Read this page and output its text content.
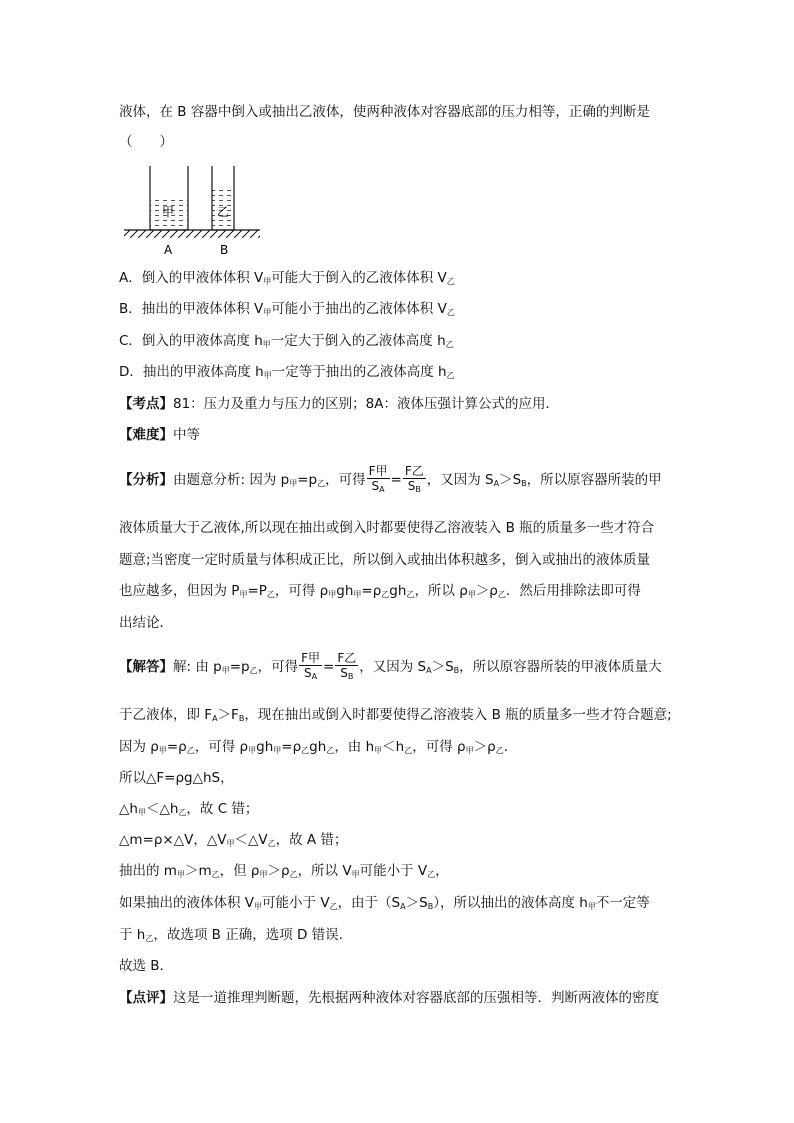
液体，在 B 容器中倒入或抽出乙液体，使两种液体对容器底部的压力相等，正确的判断是
（　　）
甲	乙
A	B
A．倒入的甲液体体积 $V_甲$可能大于倒入的乙液体体积 $V_乙$
B．抽出的甲液体体积 $V_甲$可能小于抽出的乙液体体积 $V_乙$
C．倒入的甲液体高度 $h_甲$一定大于倒入的乙液体高度 $h_乙$
D．抽出的甲液体高度 $h_甲$一定等于抽出的乙液体高度 $h_乙$
【考点】81：压力及重力与压力的区别；8A：液体压强计算公式的应用．
【难度】中等
【分析】由题意分析: 因为 $p_甲=p_乙$，可得 $\frac{\text{F甲}}{S_A} = \frac{\text{F乙}}{S_B}$ ，又因为 $S_A>S_B$，所以原容器所装的甲
液体质量大于乙液体,所以现在抽出或倒入时都要使得乙溶液装入 B 瓶的质量多一些才符合
题意;当密度一定时质量与体积成正比，所以倒入或抽出体积越多，倒入或抽出的液体质量
也应越多，但因为 $P_甲=P_乙$，可得 $\rho_甲gh_甲=\rho_乙gh_乙$，所以 $\rho_甲>\rho_乙$．然后用排除法即可得
出结论．
【解答】解: 由 $p_甲=p_乙$，可得 $\frac{\text{F甲}}{S_A} = \frac{\text{F乙}}{S_B}$ ，又因为 $S_A>S_B$，所以原容器所装的甲液体质量大
于乙液体，即 $F_A>F_B$，现在抽出或倒入时都要使得乙溶液装入 B 瓶的质量多一些才符合题意;
因为 $\rho_甲=\rho_乙$，可得 $\rho_甲gh_甲=\rho_乙gh_乙$，由 $h_甲<h_乙$，可得 $\rho_甲>\rho_乙$．
所以△F=ρg△hS，
$\triangle h_甲<\triangle h_乙$，故 C 错；
△m=ρ×△V，$\triangle V_甲<\triangle V_乙$，故 A 错；
抽出的 $m_甲>m_乙$，但 $\rho_甲>\rho_乙$，所以 $V_甲$可能小于 $V_乙$，
如果抽出的液体体积 $V_甲$可能小于 $V_乙$，由于$(S_A>S_B)$，所以抽出的液体高度 $h_甲$不一定等
于 $h_乙$，故选项 B 正确，选项 D 错误．
故选 B．
【点评】这是一道推理判断题，先根据两种液体对容器底部的压强相等．判断两液体的密度
